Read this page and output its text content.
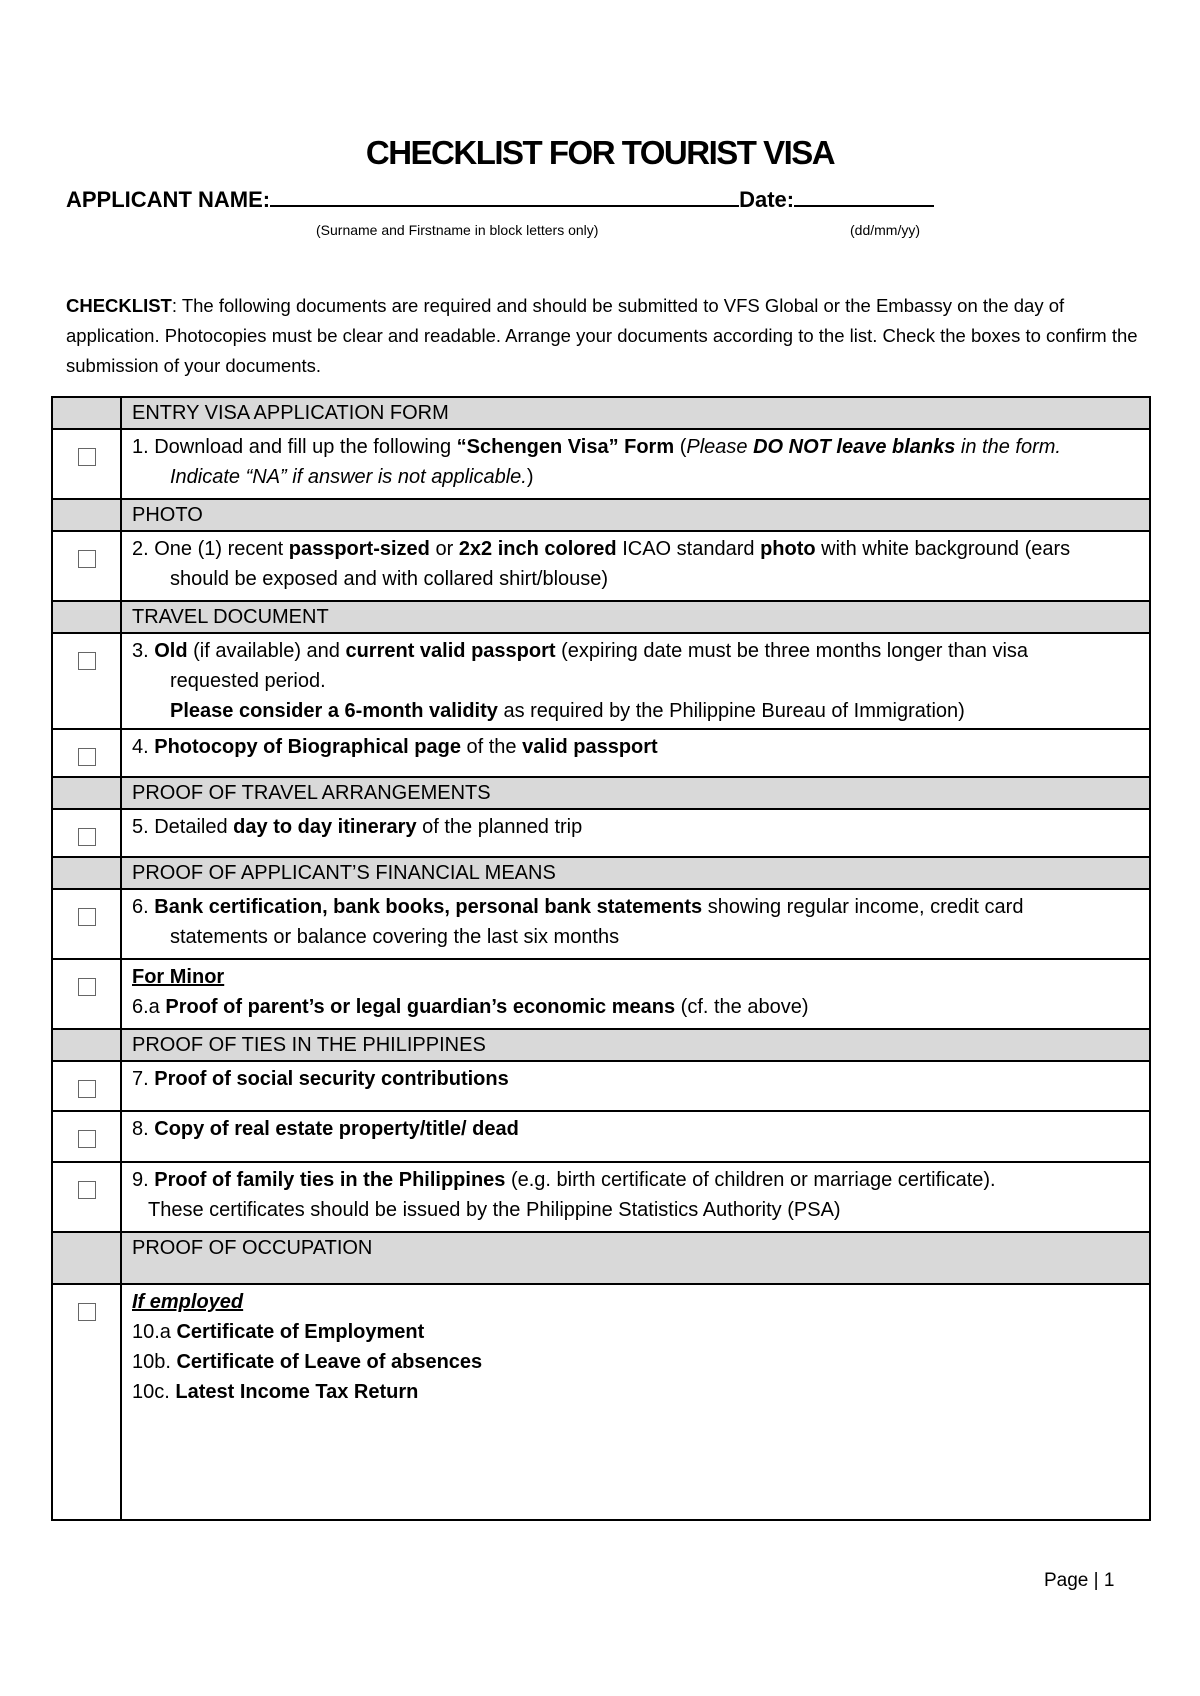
CHECKLIST FOR TOURIST VISA
APPLICANT NAME:	Date:
(Surname and Firstname in block letters only)	(dd/mm/yy)
CHECKLIST: The following documents are required and should be submitted to VFS Global or the Embassy on the day of application. Photocopies must be clear and readable. Arrange your documents according to the list. Check the boxes to confirm the submission of your documents.
	ENTRY VISA APPLICATION FORM
	1. Download and fill up the following “Schengen Visa” Form (Please DO NOT leave blanks in the form.
Indicate “NA” if answer is not applicable.)

	PHOTO
	2. One (1) recent passport-sized or 2x2 inch colored ICAO standard photo with white background (ears
should be exposed and with collared shirt/blouse)

	TRAVEL DOCUMENT
	3. Old (if available) and current valid passport (expiring date must be three months longer than visa
requested period.
Please consider a 6-month validity as required by the Philippine Bureau of Immigration)

	4. Photocopy of Biographical page of the valid passport
	PROOF OF TRAVEL ARRANGEMENTS
	5. Detailed day to day itinerary of the planned trip
	PROOF OF APPLICANT’S FINANCIAL MEANS
	6. Bank certification, bank books, personal bank statements showing regular income, credit card
statements or balance covering the last six months

	For Minor
6.a Proof of parent’s or legal guardian’s economic means (cf. the above)
	PROOF OF TIES IN THE PHILIPPINES
	7. Proof of social security contributions
	8. Copy of real estate property/title/ dead
	9. Proof of family ties in the Philippines (e.g. birth certificate of children or marriage certificate).
These certificates should be issued by the Philippine Statistics Authority (PSA)

	PROOF OF OCCUPATION
	If employed
10.a Certificate of Employment
10b. Certificate of Leave of absences
10c. Latest Income Tax Return
Page | 1
